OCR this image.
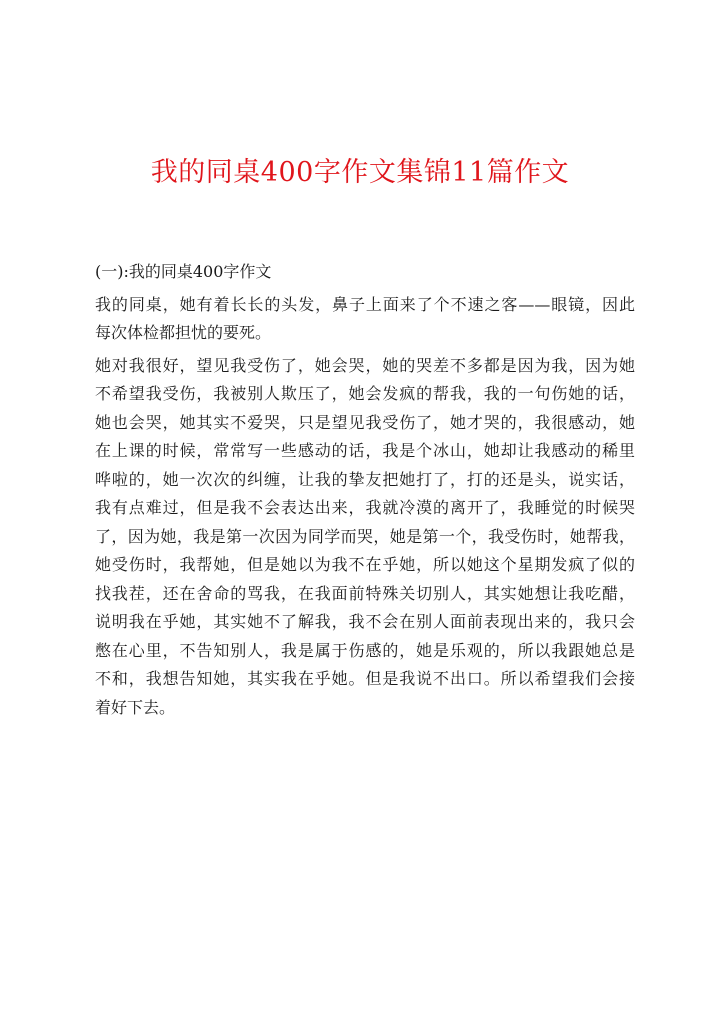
我的同桌400字作文集锦11篇作文

(一):我的同桌400字作文

我的同桌，她有着长长的头发，鼻子上面来了个不速之客——眼镜，因此
每次体检都担忧的要死。

她对我很好，望见我受伤了，她会哭，她的哭差不多都是因为我，因为她
不希望我受伤，我被别人欺压了，她会发疯的帮我，我的一句伤她的话，
她也会哭，她其实不爱哭，只是望见我受伤了，她才哭的，我很感动，她
在上课的时候，常常写一些感动的话，我是个冰山，她却让我感动的稀里
哗啦的，她一次次的纠缠，让我的挚友把她打了，打的还是头，说实话，
我有点难过，但是我不会表达出来，我就冷漠的离开了，我睡觉的时候哭
了，因为她，我是第一次因为同学而哭，她是第一个，我受伤时，她帮我，
她受伤时，我帮她，但是她以为我不在乎她，所以她这个星期发疯了似的
找我茬，还在舍命的骂我，在我面前特殊关切别人，其实她想让我吃醋，
说明我在乎她，其实她不了解我，我不会在别人面前表现出来的，我只会
憋在心里，不告知别人，我是属于伤感的，她是乐观的，所以我跟她总是
不和，我想告知她，其实我在乎她。但是我说不出口。所以希望我们会接
着好下去。
